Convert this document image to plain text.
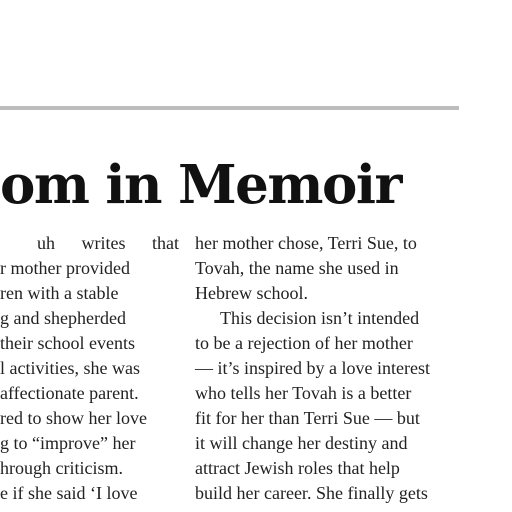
om in Memoir
uh writes that
r mother provided
ren with a stable
g and shepherded
their school events
l activities, she was
affectionate parent.
red to show her love
g to “improve” her
hrough criticism.
e if she said ‘I love
her mother chose, Terri Sue, to
Tovah, the name she used in
Hebrew school.
This decision isn’t intended
to be a rejection of her mother
— it’s inspired by a love interest
who tells her Tovah is a better
fit for her than Terri Sue — but
it will change her destiny and
attract Jewish roles that help
build her career. She finally gets
